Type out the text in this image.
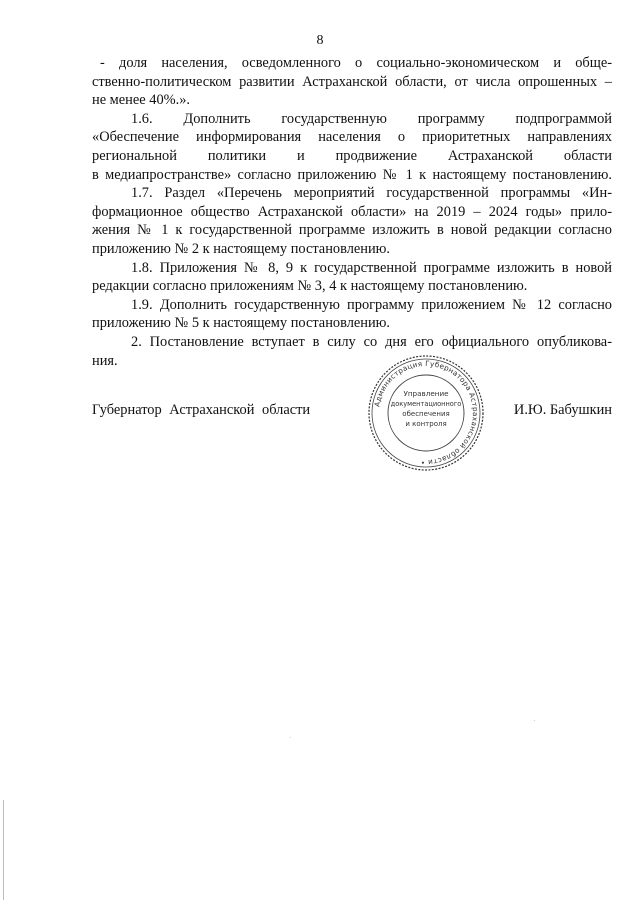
8
- доля населения, осведомленного о социально-экономическом и обще-
ственно-политическом развитии Астраханской области, от числа опрошенных –
не менее 40%.».
1.6. Дополнить государственную программу подпрограммой
«Обеспечение информирования населения о приоритетных направлениях
региональной политики и продвижение Астраханской области
в медиапространстве» согласно приложению № 1 к настоящему постановлению.
1.7. Раздел «Перечень мероприятий государственной программы «Ин-
формационное общество Астраханской области» на 2019 – 2024 годы» прило-
жения № 1 к государственной программе изложить в новой редакции согласно
приложению № 2 к настоящему постановлению.
1.8. Приложения № 8, 9 к государственной программе изложить в новой
редакции согласно приложениям № 3, 4 к настоящему постановлению.
1.9. Дополнить государственную программу приложением № 12 согласно
приложению № 5 к настоящему постановлению.
2. Постановление вступает в силу со дня его официального опубликова-
ния.
Губернатор Астраханской области	И.Ю. Бабушкин
Администрация Губернатора Астраханской области •
Управление
документационного
обеспечения
и контроля
